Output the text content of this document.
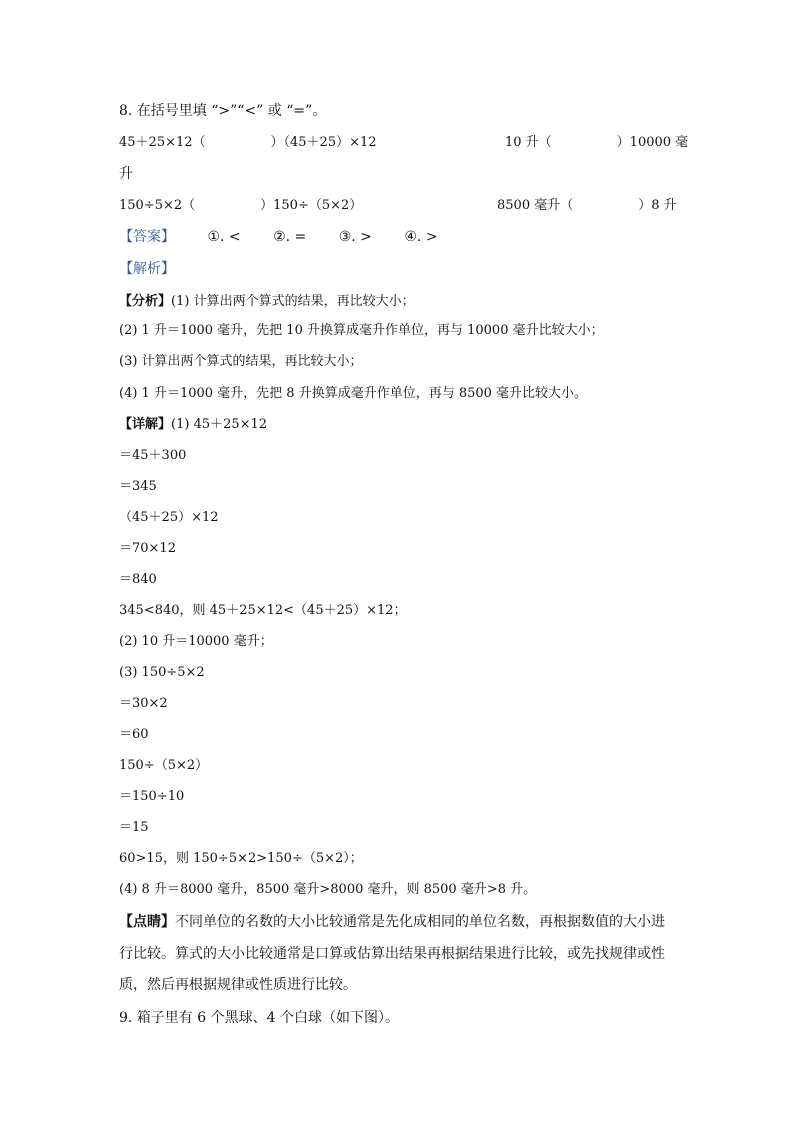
8. 在括号里填 “>”“<” 或 “=”。
45＋25×12（　　　　　）（45＋25）×12	10 升（　　　　　）10000 毫
升
150÷5×2（　　　　　）150÷（5×2）	8500 毫升（　　　　　）8 升
【答案】 ①. < ②. = ③. > ④. >
【解析】
【分析】(1) 计算出两个算式的结果，再比较大小；
(2) 1 升＝1000 毫升，先把 10 升换算成毫升作单位，再与 10000 毫升比较大小；
(3) 计算出两个算式的结果，再比较大小；
(4) 1 升＝1000 毫升，先把 8 升换算成毫升作单位，再与 8500 毫升比较大小。
【详解】(1) 45＋25×12
＝45＋300
＝345
（45＋25）×12
＝70×12
＝840
345<840，则 45＋25×12<（45＋25）×12；
(2) 10 升＝10000 毫升；
(3) 150÷5×2
＝30×2
＝60
150÷（5×2）
＝150÷10
＝15
60>15，则 150÷5×2>150÷（5×2）；
(4) 8 升＝8000 毫升，8500 毫升>8000 毫升，则 8500 毫升>8 升。
【点睛】不同单位的名数的大小比较通常是先化成相同的单位名数，再根据数值的大小进
行比较。算式的大小比较通常是口算或估算出结果再根据结果进行比较，或先找规律或性
质，然后再根据规律或性质进行比较。
9. 箱子里有 6 个黑球、4 个白球（如下图）。
